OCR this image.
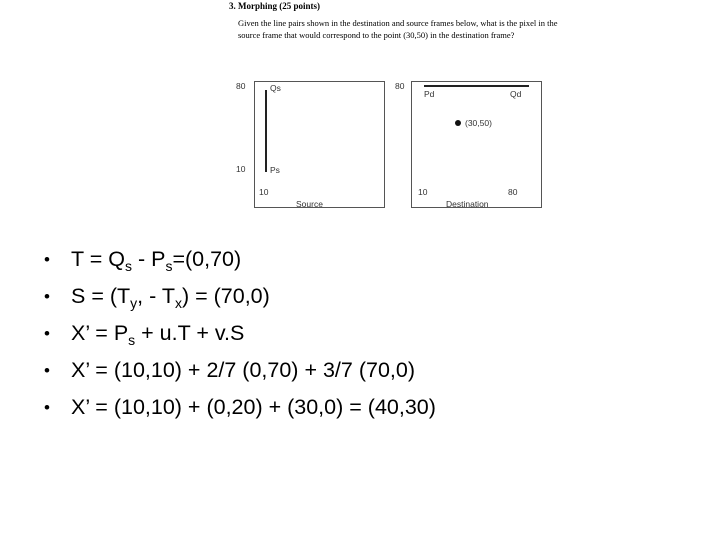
3. Morphing (25 points)
Given the line pairs shown in the destination and source frames below, what is the pixel in the source frame that would correspond to the point (30,50) in the destination frame?
80
10
10
Source
Qs
Ps
80
10	80
Destination
Pd	Qd
(30,50)
• $T = Q_s - P_s=(0,70)$
• $S = (T_y$, - $T_x) = (70,0)$
• X’ = $P_s + u.T + v.S$
• X’ = (10,10) + 2/7 (0,70) + 3/7 (70,0)
• X’ = (10,10) + (0,20) + (30,0) = (40,30)
